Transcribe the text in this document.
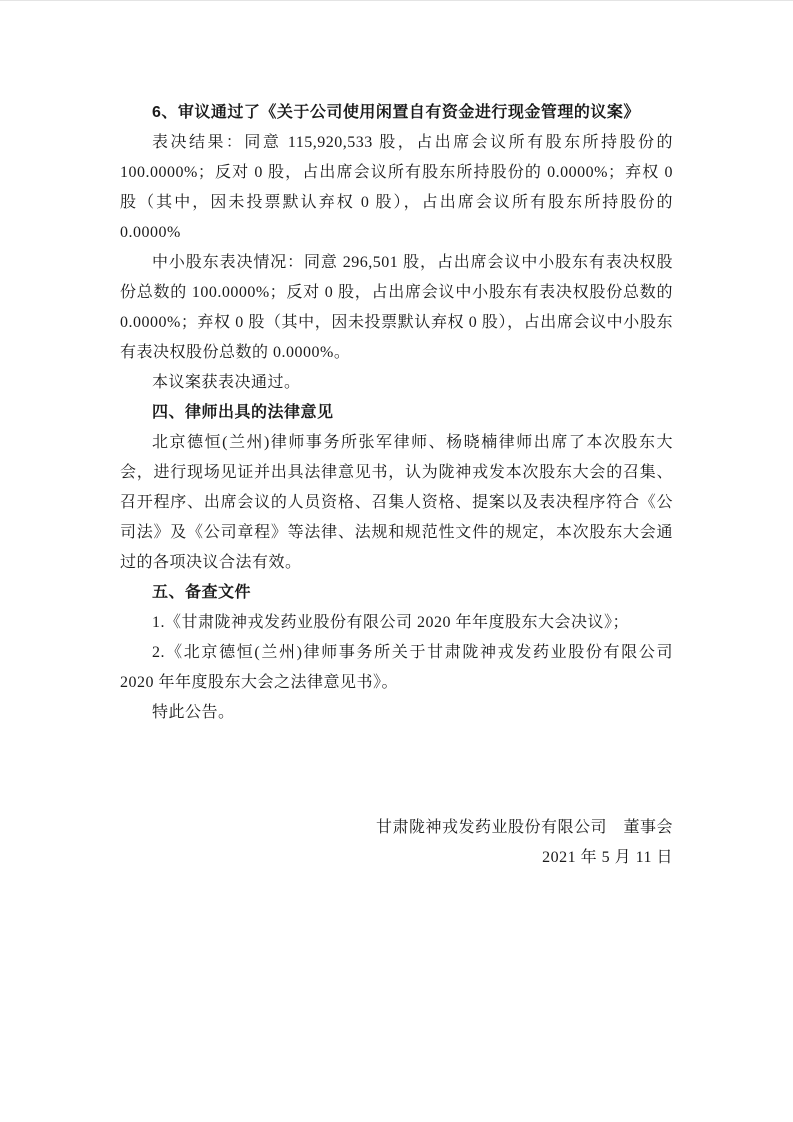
6、审议通过了《关于公司使用闲置自有资金进行现金管理的议案》

表决结果：同意 115,920,533 股，占出席会议所有股东所持股份的 100.0000%；反对 0 股，占出席会议所有股东所持股份的 0.0000%；弃权 0 股（其中，因未投票默认弃权 0 股），占出席会议所有股东所持股份的 0.0000%

中小股东表决情况：同意 296,501 股，占出席会议中小股东有表决权股份总数的 100.0000%；反对 0 股，占出席会议中小股东有表决权股份总数的 0.0000%；弃权 0 股（其中，因未投票默认弃权 0 股），占出席会议中小股东有表决权股份总数的 0.0000%。

本议案获表决通过。

四、律师出具的法律意见

北京德恒(兰州)律师事务所张军律师、杨晓楠律师出席了本次股东大会，进行现场见证并出具法律意见书，认为陇神戎发本次股东大会的召集、召开程序、出席会议的人员资格、召集人资格、提案以及表决程序符合《公司法》及《公司章程》等法律、法规和规范性文件的规定，本次股东大会通过的各项决议合法有效。

五、备查文件

1.《甘肃陇神戎发药业股份有限公司 2020 年年度股东大会决议》；

2.《北京德恒(兰州)律师事务所关于甘肃陇神戎发药业股份有限公司 2020 年年度股东大会之法律意见书》。

特此公告。

甘肃陇神戎发药业股份有限公司　董事会
2021 年 5 月 11 日
